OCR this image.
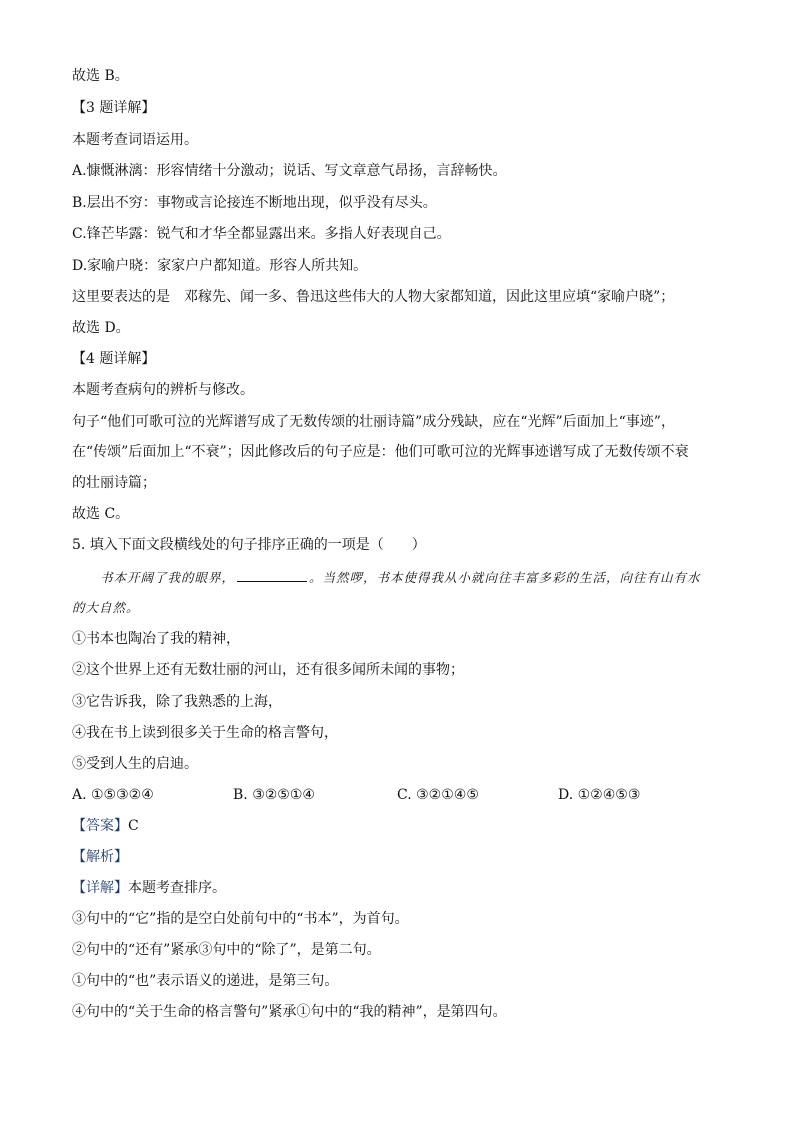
故选 B。
【3 题详解】
本题考查词语运用。
A.慷慨淋漓：形容情绪十分激动；说话、写文章意气昂扬，言辞畅快。
B.层出不穷：事物或言论接连不断地出现，似乎没有尽头。
C.锋芒毕露：锐气和才华全都显露出来。多指人好表现自己。
D.家喻户晓：家家户户都知道。形容人所共知。
这里要表达的是　邓稼先、闻一多、鲁迅这些伟大的人物大家都知道，因此这里应填“家喻户晓”；
故选 D。
【4 题详解】
本题考查病句的辨析与修改。
句子“他们可歌可泣的光辉谱写成了无数传颂的壮丽诗篇”成分残缺，应在“光辉”后面加上“事迹”，
在“传颂”后面加上“不衰”；因此修改后的句子应是：他们可歌可泣的光辉事迹谱写成了无数传颂不衰
的壮丽诗篇；
故选 C。
5. 填入下面文段横线处的句子排序正确的一项是（　　）
书本开阔了我的眼界，	。当然啰，书本使得我从小就向往丰富多彩的生活，向往有山有水
的大自然。
①书本也陶冶了我的精神，
②这个世界上还有无数壮丽的河山，还有很多闻所未闻的事物；
③它告诉我，除了我熟悉的上海，
④我在书上读到很多关于生命的格言警句，
⑤受到人生的启迪。
A. ①⑤③②④	B. ③②⑤①④	C. ③②①④⑤	D. ①②④⑤③
【答案】C
【解析】
【详解】本题考查排序。
③句中的“它”指的是空白处前句中的“书本”，为首句。
②句中的“还有”紧承③句中的“除了”，是第二句。
①句中的“也”表示语义的递进，是第三句。
④句中的“关于生命的格言警句”紧承①句中的“我的精神”，是第四句。
